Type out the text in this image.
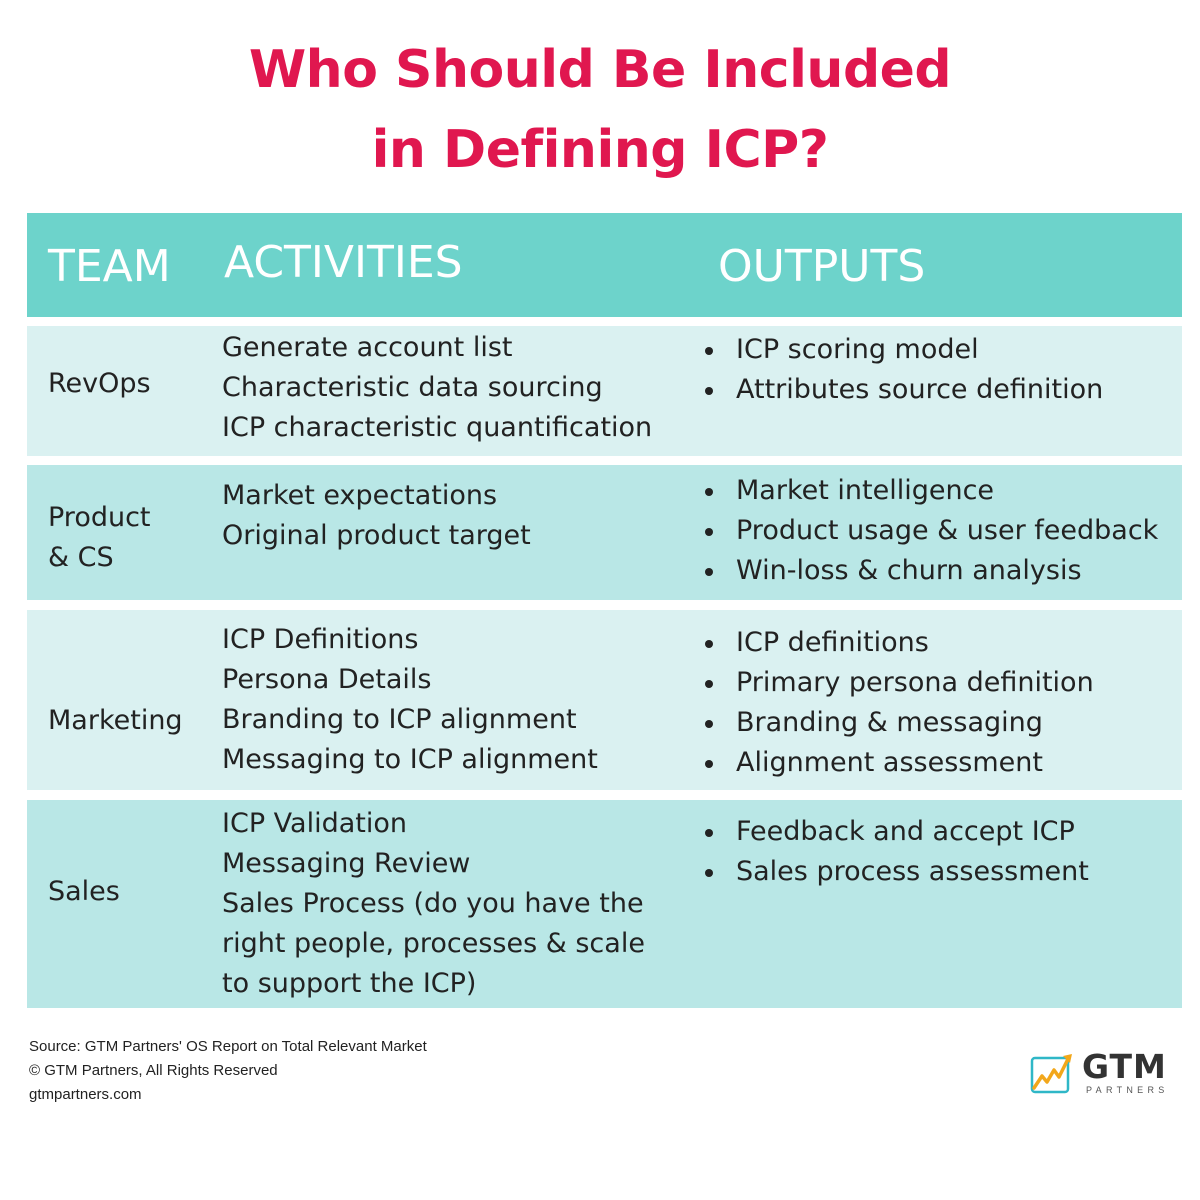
Who Should Be Included
in Defining ICP?
TEAM ACTIVITIES	OUTPUTS
RevOps
Generate account list
Characteristic data sourcing
ICP characteristic quantification
ICP scoring model
Attributes source definition
Product
& CS
Market expectations
Original product target
Market intelligence
Product usage & user feedback
Win-loss & churn analysis
Marketing
ICP Definitions
Persona Details
Branding to ICP alignment
Messaging to ICP alignment
ICP definitions
Primary persona definition
Branding & messaging
Alignment assessment
Sales
ICP Validation
Messaging Review
Sales Process (do you have the
right people, processes & scale
to support the ICP)
Feedback and accept ICP
Sales process assessment
Source: GTM Partners' OS Report on Total Relevant Market
© GTM Partners, All Rights Reserved
gtmpartners.com
GTM
PARTNERS
